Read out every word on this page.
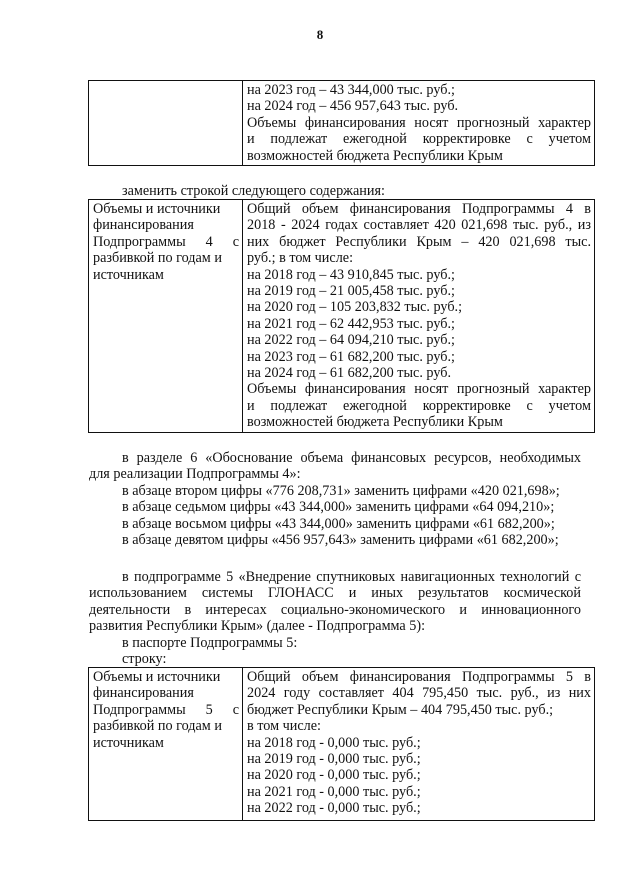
8

на 2023 год – 43 344,000 тыс. руб.;
на 2024 год – 456 957,643 тыс. руб.
Объемы финансирования носят прогнозный характер
и подлежат ежегодной корректировке с учетом
возможностей бюджета Республики Крым
заменить строкой следующего содержания:
Объемы и источники
финансирования
Подпрограммы 4 с
разбивкой по годам и
источникам

Общий объем финансирования Подпрограммы 4 в
2018 - 2024 годах составляет 420 021,698 тыс. руб., из
них бюджет Республики Крым – 420 021,698 тыс.
руб.; в том числе:
на 2018 год – 43 910,845 тыс. руб.;
на 2019 год – 21 005,458 тыс. руб.;
на 2020 год – 105 203,832 тыс. руб.;
на 2021 год – 62 442,953 тыс. руб.;
на 2022 год – 64 094,210 тыс. руб.;
на 2023 год – 61 682,200 тыс. руб.;
на 2024 год – 61 682,200 тыс. руб.
Объемы финансирования носят прогнозный характер
и подлежат ежегодной корректировке с учетом
возможностей бюджета Республики Крым
в разделе 6 «Обоснование объема финансовых ресурсов, необходимых
для реализации Подпрограммы 4»:
в абзаце втором цифры «776 208,731» заменить цифрами «420 021,698»;
в абзаце седьмом цифры «43 344,000» заменить цифрами «64 094,210»;
в абзаце восьмом цифры «43 344,000» заменить цифрами «61 682,200»;
в абзаце девятом цифры «456 957,643» заменить цифрами «61 682,200»;
в подпрограмме 5 «Внедрение спутниковых навигационных технологий с
использованием системы ГЛОНАСС и иных результатов космической
деятельности в интересах социально-экономического и инновационного
развития Республики Крым» (далее - Подпрограмма 5):
в паспорте Подпрограммы 5:
строку:
Объемы и источники
финансирования
Подпрограммы 5 с
разбивкой по годам и
источникам

Общий объем финансирования Подпрограммы 5 в
2024 году составляет 404 795,450 тыс. руб., из них
бюджет Республики Крым – 404 795,450 тыс. руб.;
в том числе:
на 2018 год - 0,000 тыс. руб.;
на 2019 год - 0,000 тыс. руб.;
на 2020 год - 0,000 тыс. руб.;
на 2021 год - 0,000 тыс. руб.;
на 2022 год - 0,000 тыс. руб.;
